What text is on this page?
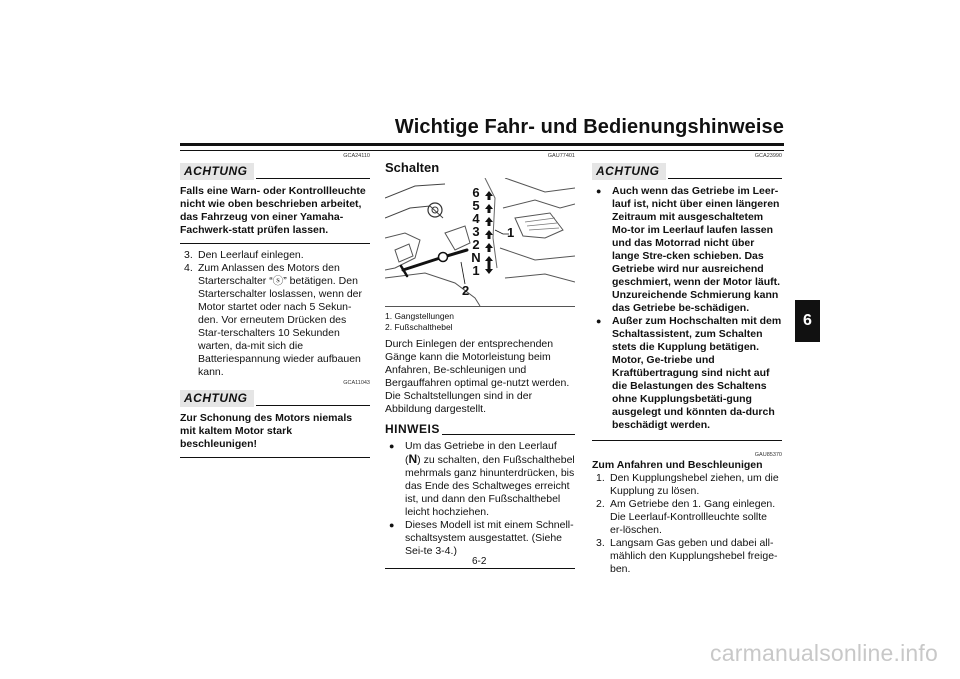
Wichtige Fahr- und Bedienungshinweise
6
GCA24110
ACHTUNG
Falls eine Warn- oder Kontrollleuchte nicht wie oben beschrieben arbeitet, das Fahrzeug von einer Yamaha-Fachwerk-statt prüfen lassen.
3. Den Leerlauf einlegen.
4. Zum Anlassen des Motors den Starterschalter “ⓢ” betätigen. Den Starterschalter loslassen, wenn der Motor startet oder nach 5 Sekun-den. Vor erneutem Drücken des Star-terschalters 10 Sekunden warten, da-mit sich die Batteriespannung wieder aufbauen kann.
GCA11043
ACHTUNG
Zur Schonung des Motors niemals mit kaltem Motor stark beschleunigen!
GAU77401
Schalten
6
5
4
3
2
N
1
1
2
1. Gangstellungen
2. Fußschalthebel
Durch Einlegen der entsprechenden Gänge kann die Motorleistung beim Anfahren, Be-schleunigen und Bergauffahren optimal ge-nutzt werden. Die Schaltstellungen sind in der Abbildung dargestellt.
HINWEIS
●	Um das Getriebe in den Leerlauf (N) zu schalten, den Fußschalthebel mehrmals ganz hinunterdrücken, bis das Ende des Schaltweges erreicht ist, und dann den Fußschalthebel leicht hochziehen.
●	Dieses Modell ist mit einem Schnell-schaltsystem ausgestattet. (Siehe Sei-te 3-4.)
GCA23990
ACHTUNG
●	Auch wenn das Getriebe im Leer-lauf ist, nicht über einen längeren Zeitraum mit ausgeschaltetem Mo-tor im Leerlauf laufen lassen und das Motorrad nicht über lange Stre-cken schieben. Das Getriebe wird nur ausreichend geschmiert, wenn der Motor läuft. Unzureichende Schmierung kann das Getriebe be-schädigen.
●	Außer zum Hochschalten mit dem Schaltassistent, zum Schalten stets die Kupplung betätigen. Motor, Ge-triebe und Kraftübertragung sind nicht auf die Belastungen des Schaltens ohne Kupplungsbetäti-gung ausgelegt und könnten da-durch beschädigt werden.
GAU85370
Zum Anfahren und Beschleunigen
1. Den Kupplungshebel ziehen, um die Kupplung zu lösen.
2. Am Getriebe den 1. Gang einlegen. Die Leerlauf-Kontrollleuchte sollte er-löschen.
3. Langsam Gas geben und dabei all-mählich den Kupplungshebel freige-ben.
6-2
carmanualsonline.info
